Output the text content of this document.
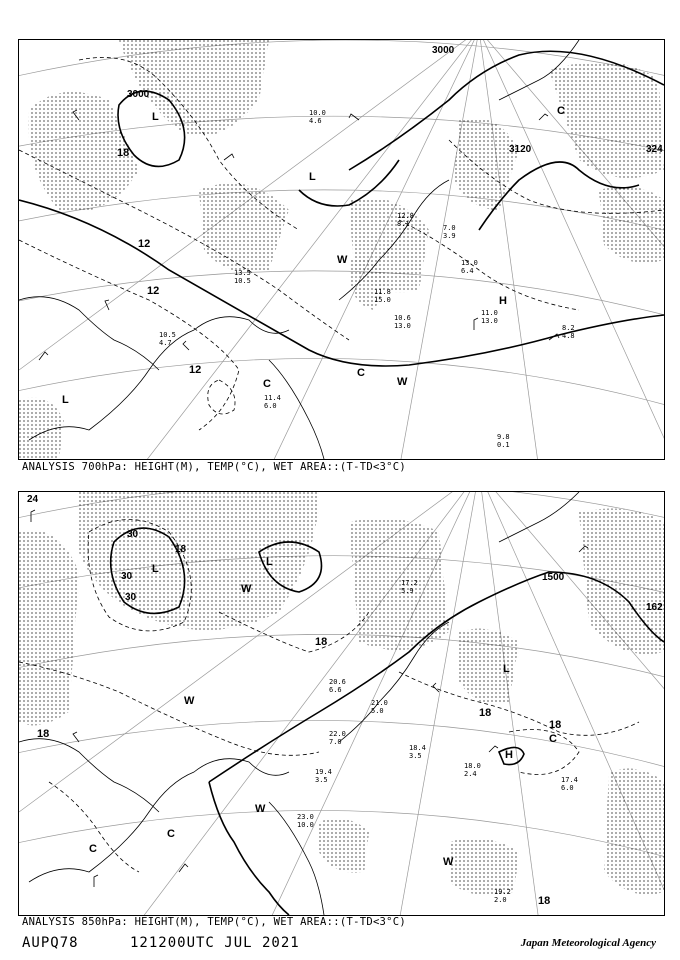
3000
3000
3120	324
18
12
12
12
L
L
L
H
W
W
C
C
C
10.0
4.6
12.8
8.1
13.0
6.4
11.0
13.0
8.2
4.8
10.5
4.7
13.5
10.5
7.0
3.9
9.8
0.1
11.4
6.0
10.6
13.0
11.8
15.0
ANALYSIS 700hPa: HEIGHT(M), TEMP(°C), WET AREA::(T-TD<3°C)
1500
162
24
30
30
30
18
18
18
18
18
18
L
L
L
H
W
W
W
W
C
C
C
17.4
6.0
19.2
2.0
18.4
3.5
19.4
3.5
18.0
2.4
21.0
5.0
23.0
10.0
22.0
7.0
20.6
6.6
17.2
5.9
ANALYSIS 850hPa: HEIGHT(M), TEMP(°C), WET AREA::(T-TD<3°C)
AUPQ78	121200UTC JUL 2021	Japan Meteorological Agency
